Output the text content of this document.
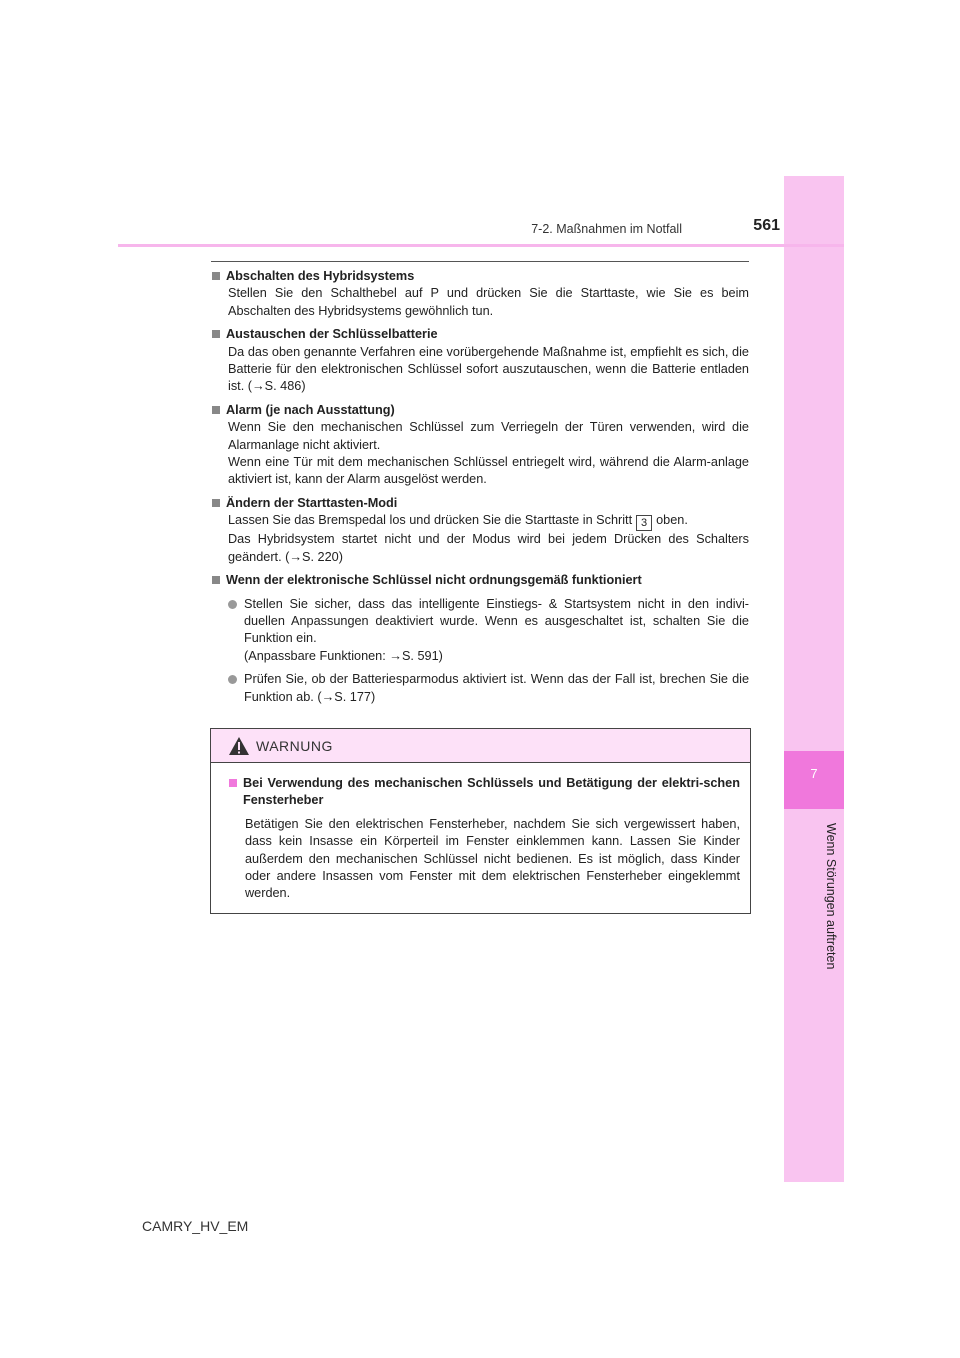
7
Wenn Störungen auftreten
7-2. Maßnahmen im Notfall	561
Abschalten des Hybridsystems

Stellen Sie den Schalthebel auf P und drücken Sie die Starttaste, wie Sie es beim Abschalten des Hybridsystems gewöhnlich tun.

Austauschen der Schlüsselbatterie

Da das oben genannte Verfahren eine vorübergehende Maßnahme ist, empfiehlt es sich, die Batterie für den elektronischen Schlüssel sofort auszutauschen, wenn die Batterie entladen ist. (→S. 486)

Alarm (je nach Ausstattung)

Wenn Sie den mechanischen Schlüssel zum Verriegeln der Türen verwenden, wird die Alarmanlage nicht aktiviert.

Wenn eine Tür mit dem mechanischen Schlüssel entriegelt wird, während die Alarm-anlage aktiviert ist, kann der Alarm ausgelöst werden.

Ändern der Starttasten-Modi

Lassen Sie das Bremspedal los und drücken Sie die Starttaste in Schritt 3 oben.

Das Hybridsystem startet nicht und der Modus wird bei jedem Drücken des Schalters geändert. (→S. 220)

Wenn der elektronische Schlüssel nicht ordnungsgemäß funktioniert

Stellen Sie sicher, dass das intelligente Einstiegs- & Startsystem nicht in den indivi-duellen Anpassungen deaktiviert wurde. Wenn es ausgeschaltet ist, schalten Sie die Funktion ein.

(Anpassbare Funktionen: →S. 591)

Prüfen Sie, ob der Batteriesparmodus aktiviert ist. Wenn das der Fall ist, brechen Sie die Funktion ab. (→S. 177)

WARNUNG
Bei Verwendung des mechanischen Schlüssels und Betätigung der elektri-schen Fensterheber
Betätigen Sie den elektrischen Fensterheber, nachdem Sie sich vergewissert haben, dass kein Insasse ein Körperteil im Fenster einklemmen kann. Lassen Sie Kinder außerdem den mechanischen Schlüssel nicht bedienen. Es ist möglich, dass Kinder oder andere Insassen vom Fenster mit dem elektrischen Fensterheber eingeklemmt werden.
CAMRY_HV_EM
